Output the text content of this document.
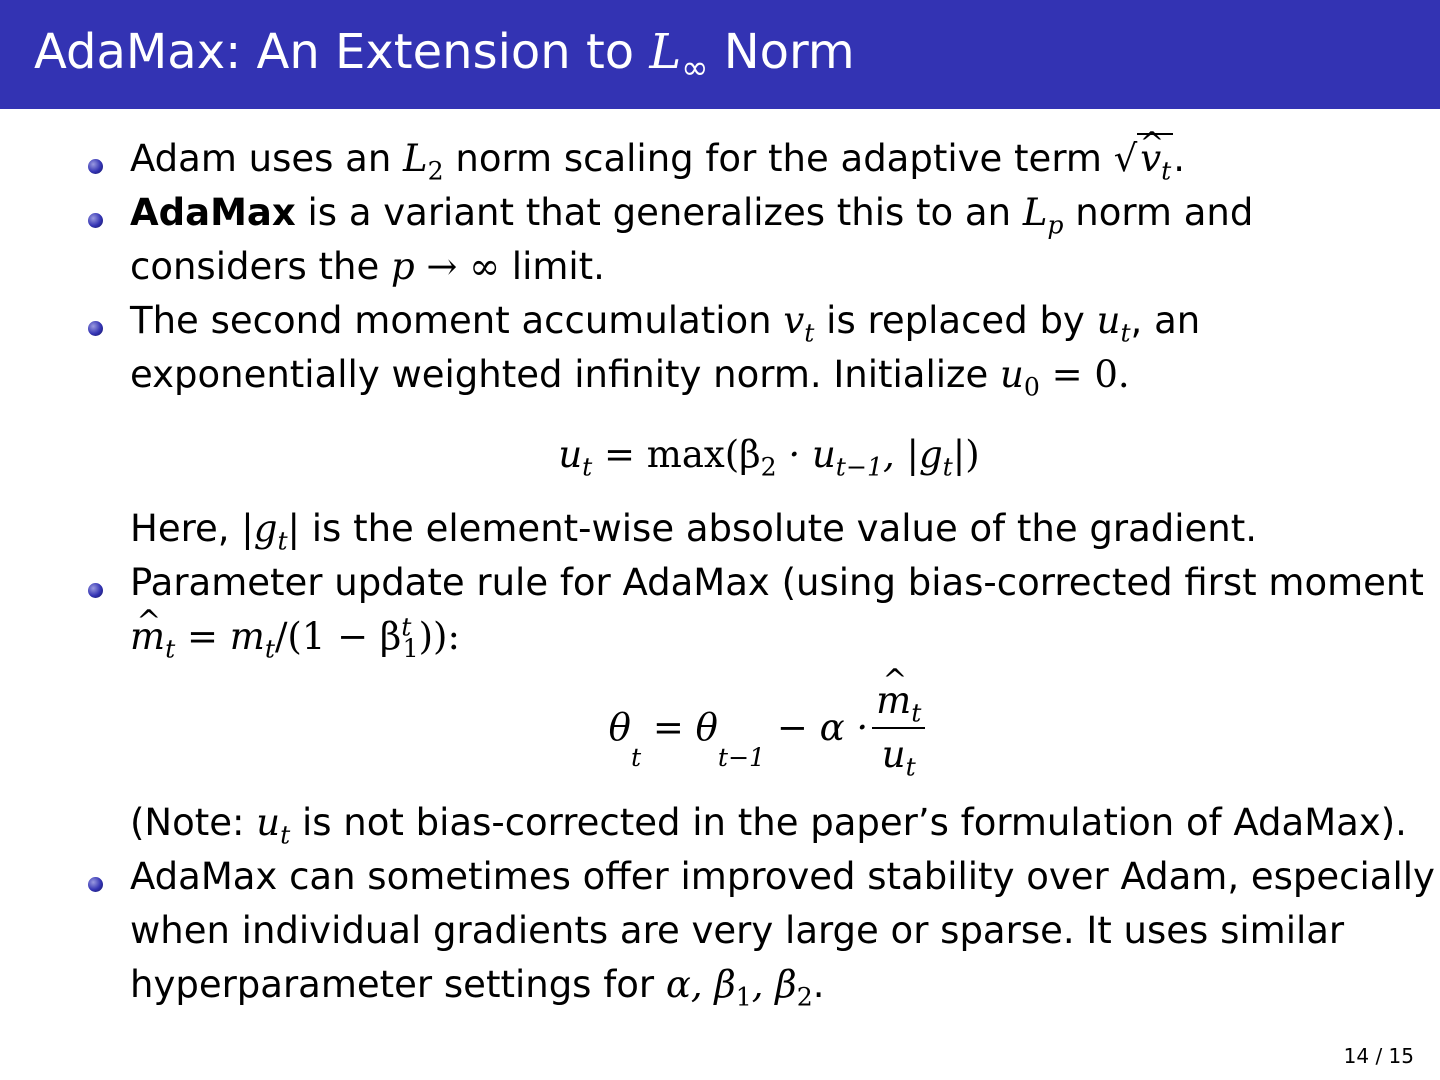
AdaMax: An Extension to $L_\infty$ Norm
Adam uses an $L_2$ norm scaling for the adaptive term √^ $v_t$.
AdaMax is a variant that generalizes this to an $L_p$ norm and
considers the p → ∞ limit.
The second moment accumulation $v_t$ is replaced by $u_t$, an
exponentially weighted infinity norm. Initialize $u_0 = 0$.
$u_t = \max(\beta_2 \cdot u_{t-1}$, $|g_t|$)
Here, $|g_t|$ is the element-wise absolute value of the gradient.
Parameter update rule for AdaMax (using bias-corrected first moment
^ $m_t = m_t/(1 - \beta^t_1)$):
θ
t
= θ
t−1
− α ·
^ $\frac{m_t}{u_t}$
(Note: $u_t$ is not bias-corrected in the paper’s formulation of AdaMax).
AdaMax can sometimes offer improved stability over Adam, especially
when individual gradients are very large or sparse. It uses similar
hyperparameter settings for α, $\beta_1$, $\beta_2$.
14 / 15
